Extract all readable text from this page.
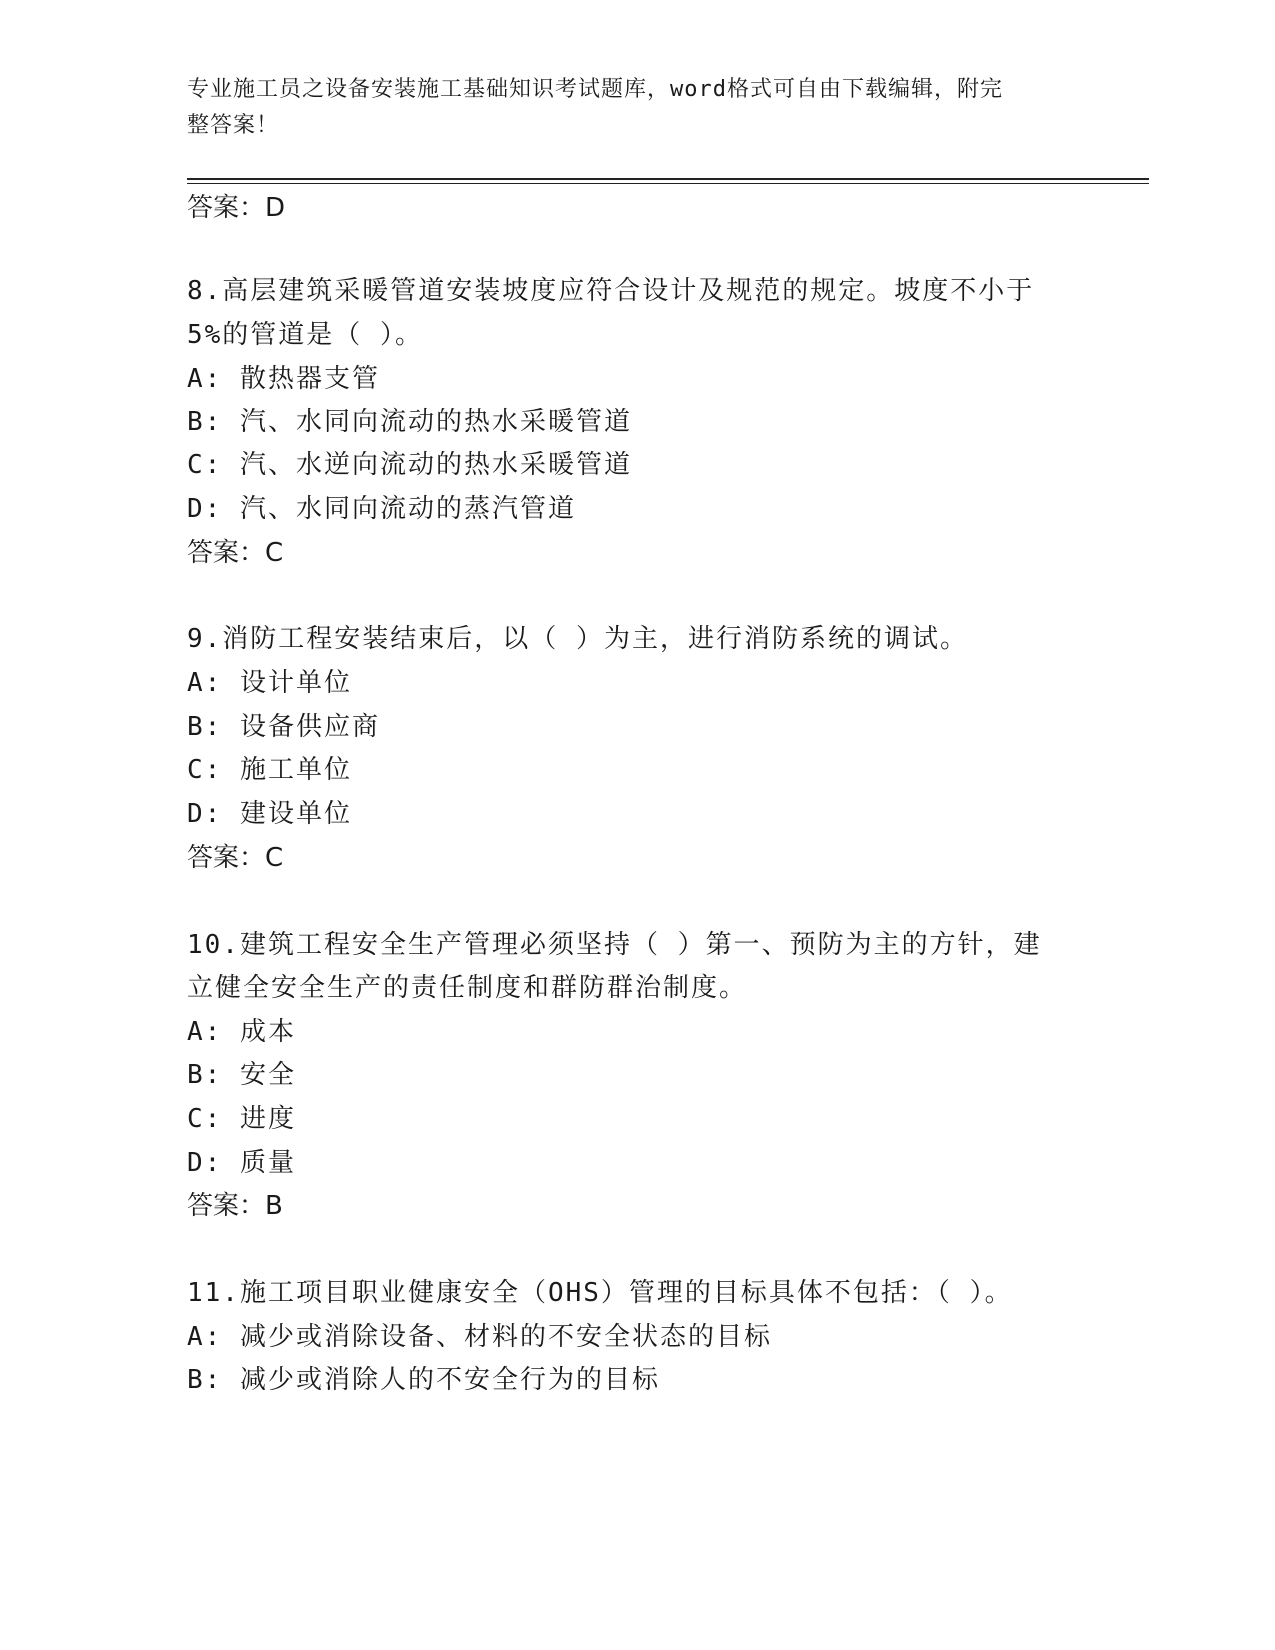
专业施工员之设备安装施工基础知识考试题库，word格式可自由下载编辑，附完
整答案！
答案：D
8.高层建筑采暖管道安装坡度应符合设计及规范的规定。坡度不小于
5%的管道是（ ）。
A: 散热器支管
B: 汽、水同向流动的热水采暖管道
C: 汽、水逆向流动的热水采暖管道
D: 汽、水同向流动的蒸汽管道
答案：C
9.消防工程安装结束后，以（ ）为主，进行消防系统的调试。
A: 设计单位
B: 设备供应商
C: 施工单位
D: 建设单位
答案：C
10.建筑工程安全生产管理必须坚持（ ）第一、预防为主的方针，建
立健全安全生产的责任制度和群防群治制度。
A: 成本
B: 安全
C: 进度
D: 质量
答案：B
11.施工项目职业健康安全（OHS）管理的目标具体不包括：（ ）。
A: 减少或消除设备、材料的不安全状态的目标
B: 减少或消除人的不安全行为的目标
